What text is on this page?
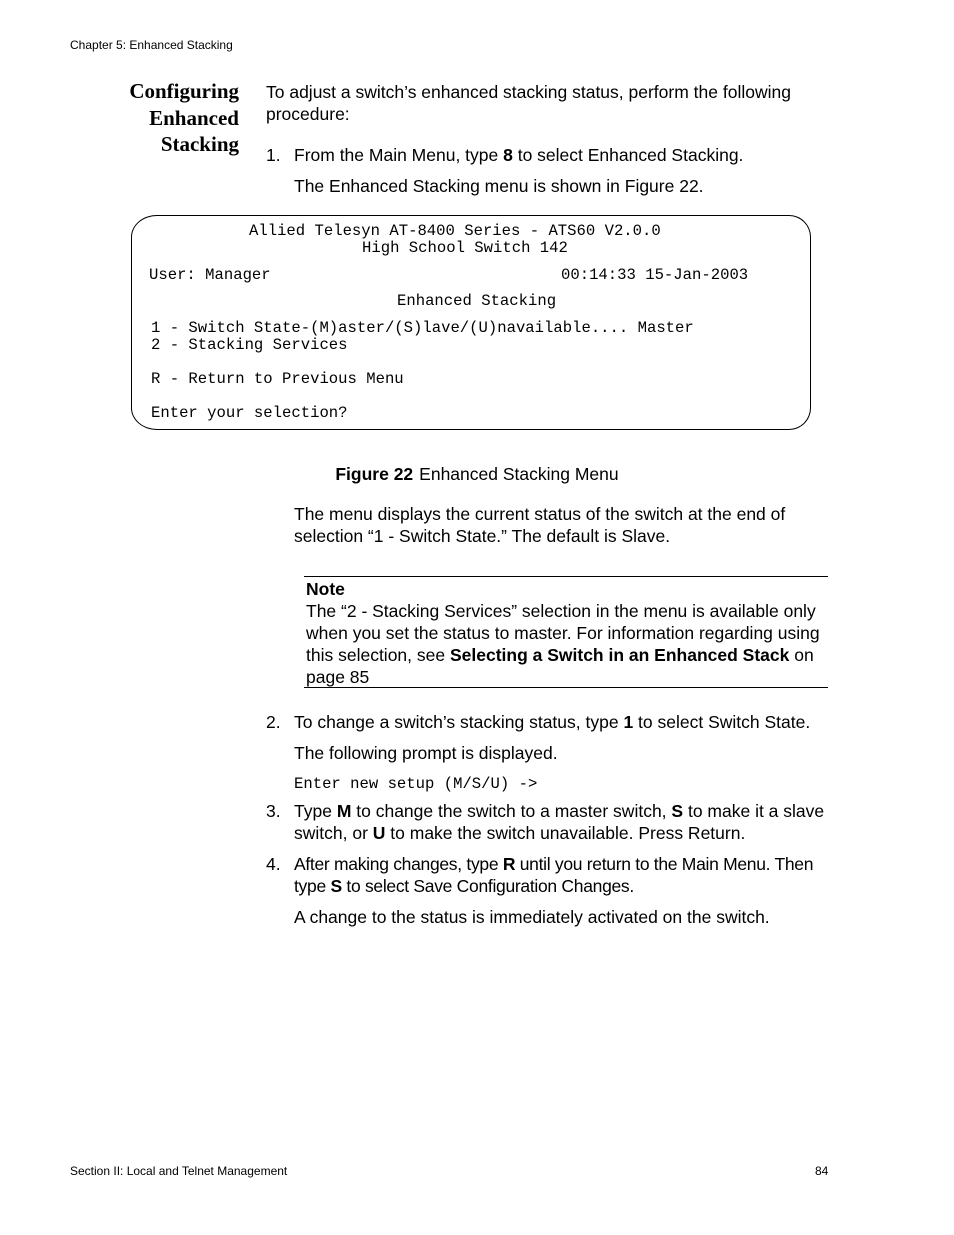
Chapter 5: Enhanced Stacking
Configuring
Enhanced
Stacking
To adjust a switch’s enhanced stacking status, perform the following procedure:
1. From the Main Menu, type 8 to select Enhanced Stacking.
The Enhanced Stacking menu is shown in Figure 22.
Allied Telesyn AT-8400 Series - ATS60 V2.0.0
High School Switch 142
User: Manager	00:14:33 15-Jan-2003
Enhanced Stacking
1 - Switch State-(M)aster/(S)lave/(U)navailable.... Master
2 - Stacking Services
R - Return to Previous Menu
Enter your selection?
Figure 22 Enhanced Stacking Menu
The menu displays the current status of the switch at the end of selection “1 - Switch State.” The default is Slave.
Note
The “2 - Stacking Services” selection in the menu is available only when you set the status to master. For information regarding using this selection, see Selecting a Switch in an Enhanced Stack on page 85
2. To change a switch’s stacking status, type 1 to select Switch State.
The following prompt is displayed.
Enter new setup (M/S/U) ->
3. Type M to change the switch to a master switch, S to make it a slave switch, or U to make the switch unavailable. Press Return.
4. After making changes, type R until you return to the Main Menu. Then type S to select Save Configuration Changes.
A change to the status is immediately activated on the switch.
Section II: Local and Telnet Management	84
